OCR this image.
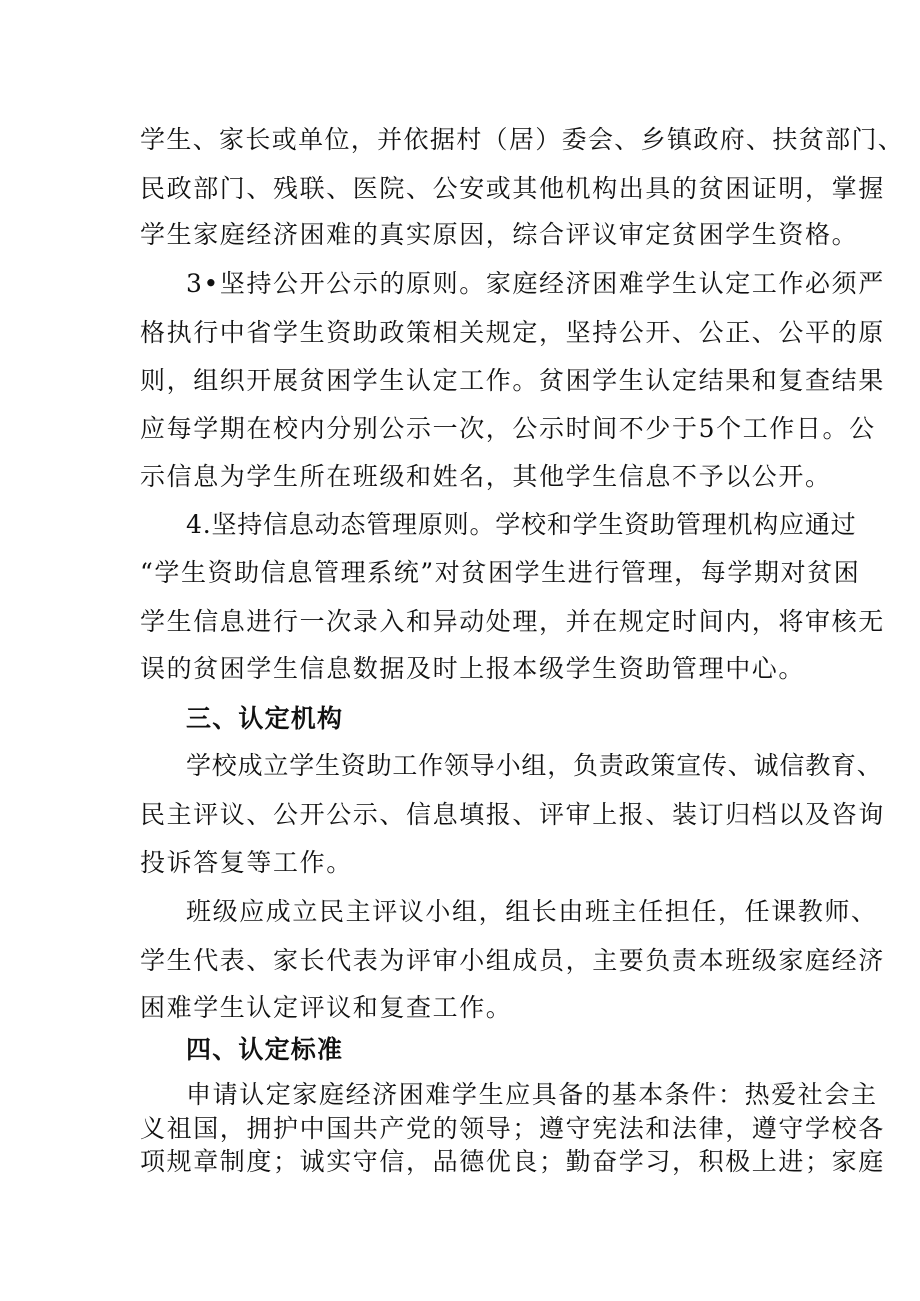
学生、家长或单位，并依据村（居）委会、乡镇政府、扶贫部门、

民政部门、残联、医院、公安或其他机构出具的贫困证明，掌握

学生家庭经济困难的真实原因，综合评议审定贫困学生资格。

3•坚持公开公示的原则。家庭经济困难学生认定工作必须严

格执行中省学生资助政策相关规定，坚持公开、公正、公平的原

则，组织开展贫困学生认定工作。贫困学生认定结果和复查结果

应每学期在校内分别公示一次，公示时间不少于5个工作日。公

示信息为学生所在班级和姓名，其他学生信息不予以公开。

4.坚持信息动态管理原则。学校和学生资助管理机构应通过

“学生资助信息管理系统”对贫困学生进行管理，每学期对贫困

学生信息进行一次录入和异动处理，并在规定时间内，将审核无

误的贫困学生信息数据及时上报本级学生资助管理中心。

三、认定机构

学校成立学生资助工作领导小组，负责政策宣传、诚信教育、

民主评议、公开公示、信息填报、评审上报、装订归档以及咨询

投诉答复等工作。

班级应成立民主评议小组，组长由班主任担任，任课教师、

学生代表、家长代表为评审小组成员，主要负责本班级家庭经济

困难学生认定评议和复查工作。

四、认定标准

申请认定家庭经济困难学生应具备的基本条件：热爱社会主

义祖国，拥护中国共产党的领导；遵守宪法和法律，遵守学校各

项规章制度；诚实守信，品德优良；勤奋学习，积极上进；家庭
